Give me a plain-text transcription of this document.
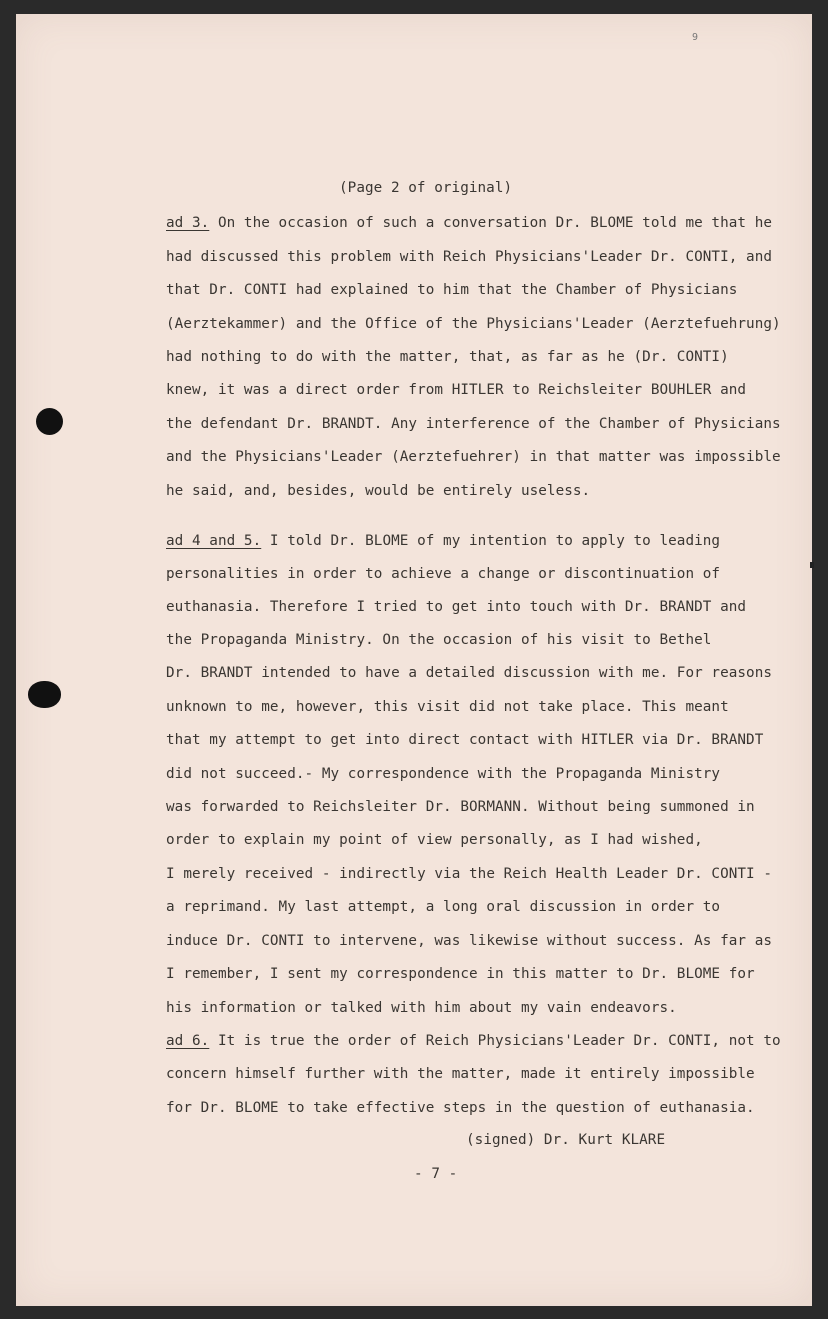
9

(Page 2 of original)

ad 3. On the occasion of such a conversation Dr. BLOME told me that he

had discussed this problem with Reich Physicians'Leader Dr. CONTI, and

that Dr. CONTI had explained to him that the Chamber of Physicians

(Aerztekammer) and the Office of the Physicians'Leader (Aerztefuehrung)

had nothing to do with the matter, that, as far as he (Dr. CONTI)

knew, it was a direct order from HITLER to Reichsleiter BOUHLER and

the defendant Dr. BRANDT. Any interference of the Chamber of Physicians

and the Physicians'Leader (Aerztefuehrer) in that matter was impossible

he said, and, besides, would be entirely useless.

ad 4 and 5. I told Dr. BLOME of my intention to apply to leading

personalities in order to achieve a change or discontinuation of

euthanasia. Therefore I tried to get into touch with Dr. BRANDT and

the Propaganda Ministry. On the occasion of his visit to Bethel

Dr. BRANDT intended to have a detailed discussion with me. For reasons

unknown to me, however, this visit did not take place. This meant

that my attempt to get into direct contact with HITLER via Dr. BRANDT

did not succeed.- My correspondence with the Propaganda Ministry

was forwarded to Reichsleiter Dr. BORMANN. Without being summoned in

order to explain my point of view personally, as I had wished,

I merely received - indirectly via the Reich Health Leader Dr. CONTI -

a reprimand. My last attempt, a long oral discussion in order to

induce Dr. CONTI to intervene, was likewise without success. As far as

I remember, I sent my correspondence in this matter to Dr. BLOME for

his information or talked with him about my vain endeavors.

ad 6. It is true the order of Reich Physicians'Leader Dr. CONTI, not to

concern himself further with the matter, made it entirely impossible

for Dr. BLOME to take effective steps in the question of euthanasia.

(signed) Dr. Kurt KLARE

- 7 -
